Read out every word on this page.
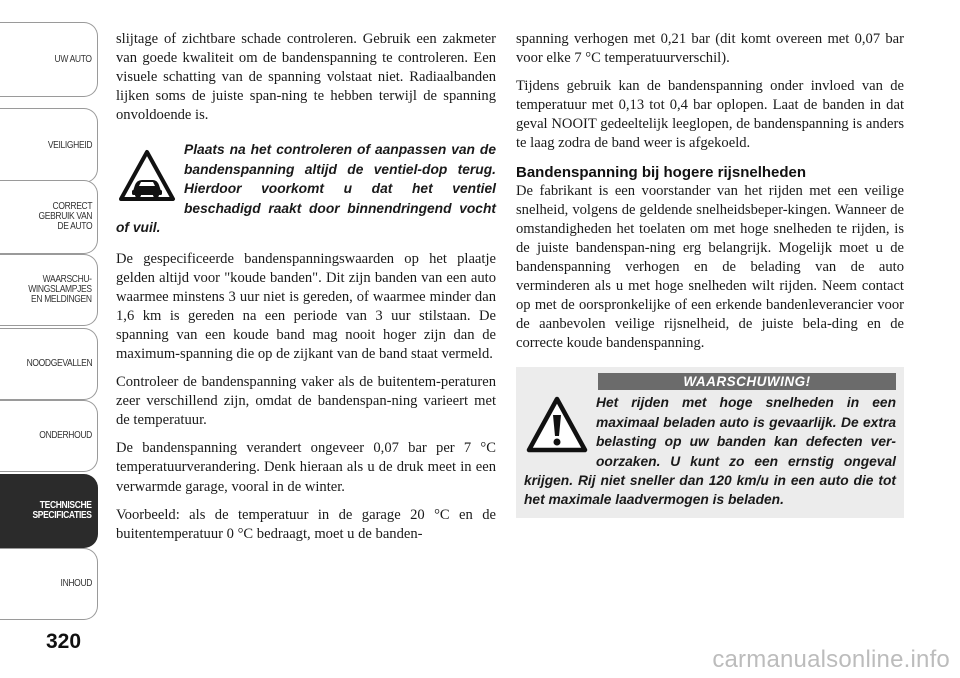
UW AUTO
VEILIGHEID
CORRECT
GEBRUIK VAN
DE AUTO
WAARSCHU-
WINGSLAMPJES
EN MELDINGEN
NOODGEVALLEN
ONDERHOUD
TECHNISCHE
SPECIFICATIES
INHOUD
320

slijtage of zichtbare schade controleren. Gebruik een zakmeter van goede kwaliteit om de bandenspanning te controleren. Een visuele schatting van de spanning volstaat niet. Radiaalbanden lijken soms de juiste span-ning te hebben terwijl de spanning onvoldoende is.

Plaats na het controleren of aanpassen van de bandenspanning altijd de ventiel-dop terug. Hierdoor voorkomt u dat het ventiel beschadigd raakt door binnendringend vocht of vuil.

De gespecificeerde bandenspanningswaarden op het plaatje gelden altijd voor "koude banden". Dit zijn banden van een auto waarmee minstens 3 uur niet is gereden, of waarmee minder dan 1,6 km is gereden na een periode van 3 uur stilstaan. De spanning van een koude band mag nooit hoger zijn dan de maximum-spanning die op de zijkant van de band staat vermeld.

Controleer de bandenspanning vaker als de buitentem-peraturen zeer verschillend zijn, omdat de bandenspan-ning varieert met de temperatuur.

De bandenspanning verandert ongeveer 0,07 bar per 7 °C temperatuurverandering. Denk hieraan als u de druk meet in een verwarmde garage, vooral in de winter.

Voorbeeld: als de temperatuur in de garage 20 °C en de buitentemperatuur 0 °C bedraagt, moet u de banden-

spanning verhogen met 0,21 bar (dit komt overeen met 0,07 bar voor elke 7 °C temperatuurverschil).

Tijdens gebruik kan de bandenspanning onder invloed van de temperatuur met 0,13 tot 0,4 bar oplopen. Laat de banden in dat geval NOOIT gedeeltelijk leeglopen, de bandenspanning is anders te laag zodra de band weer is afgekoeld.

Bandenspanning bij hogere rijsnelheden

De fabrikant is een voorstander van het rijden met een veilige snelheid, volgens de geldende snelheidsbeper-kingen. Wanneer de omstandigheden het toelaten om met hoge snelheden te rijden, is de juiste bandenspan-ning erg belangrijk. Mogelijk moet u de bandenspanning verhogen en de belading van de auto verminderen als u met hoge snelheden wilt rijden. Neem contact op met de oorspronkelijke of een erkende bandenleverancier voor de aanbevolen veilige rijsnelheid, de juiste bela-ding en de correcte koude bandenspanning.

WAARSCHUWING!
Het rijden met hoge snelheden in een maximaal beladen auto is gevaarlijk. De extra belasting op uw banden kan defecten ver-oorzaken. U kunt zo een ernstig ongeval krijgen. Rij niet sneller dan 120 km/u in een auto die tot het maximale laadvermogen is beladen.
carmanualsonline.info
